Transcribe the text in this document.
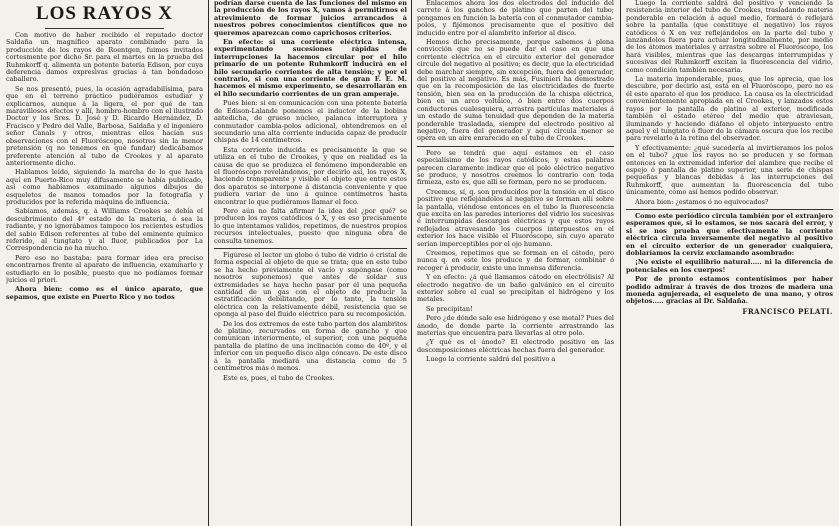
LOS RAYOS X

Con motivo de haber recibido el reputado doctor Saldaña un magnífico aparato combinado para la producción de los rayos de Roentgen, fuimos invitados cortesmente por dicho Sr. para el martes en la prueba del Ruhmkorff q. alimenta un potente batería Edison, por cuya deferencia damos expresivas gracias á tan bondadoso caballero.

Se nos presentó, pues, la ocasión agradabilísima, para que en el terreno práctico pudiéramos estudiar y explicarnos, aunque á la ligera, el por qué de tan maravillosos efectos y allí, hombro-hombro con el ilustrado Doctor y los Sres. D. José y D. Ricardo Hernández, D. Fracisco y Pedro del Valle, Barbosa, Saldaña y el ingeniero señor Canals y otros, mientras ellos hacían sus observaciones con el Fluoróscopo, nosotros sin la menor pretensión (q no tenemos en qué fundar) dedicábamos preferente atención al tubo de Crookes y al aparato anteriormente dicho.

Hablamos leído, siguiendo la marcha de lo que hasta aquí en Puerto-Rico muy difusamente se había publicado, así como habíamos examinado algunos dibujos de esqueletos de manos tomados por la fotografía y producidos por la referida máquina de influencia.

Sabíamos, además, q. á Williams Crookes se debía el descubrimiento del 4º estado de la materia, ó sea la radiante, y no ignorábamos tampoco los recientes estudios del sabio Edison referentes al tubo del eminente químico referido, al tungtato y al fluor, publicados por La Correspondencia no ha mucho.

Pero eso no bastaba: para formar idea era preciso encontrarnos frente al aparato de influencia, examinarlo y estudiarlo en lo posible, puesto que no podíamos formar juicios el priori.

Ahora bien: como es el único aparato, que sepamos, que existe en Puerto Rico y no todos

podrían darse cuenta de las funciones del mismo en la producción de los rayos X, vamos á permitirnos el atrevimiento de formar juicios arrancados á nuestros pobres conocimientos científicos que no queremos aparezcan como caprichosos criterios.

En efecto: si una corriente eléctrica intensa, experimentando sucesiones rápidas de interrupciones la hacemos circular por el hilo primario de un potente Ruhmkorff inducirá en el hilo secundario corrientes de alta tensión; y por el contrario, si con una corriente de gran F. E. M. hacemos el mismo experimento, se desarrollarán en el hilo secundario corrientes de un gran amperaje.

Pues bien: si en comunicación con una potente batería de Edison-Lalande ponemos el inductor de la bobina antedicha, de grueso núcleo, palanca interruptora y conmutador cambia-polos adicional, obtendremos en el secundario una alta corriente inducida capaz de producir chispas de 14 centímetros.

Esta corriente inducida es precisamente la que se utiliza en el tubo de Crookes, y que en realidad es la causa de que se produzca el fenómeno imponderable en el fluoróscopo revelándonos, por decirlo así, los rayos X, haciendo transparente y visible el objeto que entre estos dos aparatos se interpone á distancia conveniente y que pudiera variar de uno á quince centímetros hasta encontrar lo que pudiéramos llamar el foco.

Pero aún no falta afirmar la idea del ¿por qué? se producen los rayos catódicos ó X, y es eso precisamente lo que intentamos validos, repetimos, de nuestros propios recursos intelectuales, puesto que ninguna obra de consulta tenemos.

Figúrese el lector un globo ó tubo de vidrio ó cristal de forma especial al objeto de que se trata; que en este tubo se ha hecho previamente el vacío y supóngase (como nosotros suponemos) que antes de soldar sus extremidades se haya hecho pasar por él una pequeña cantidad de un gas con el objeto de producir la estratificación debilitando, por lo tanto, la tensión eléctrica con la relativamente débil, resistencia que se oponga al paso del fluido eléctrico para su recomposición.

De los dos extremos de este tubo parten dos alambritos de platino, recurvados en forma de gancho y que comunican interiormente, el superior, con una pequeña pantalla de platino de una inclinación como de 40º, y el inferior con un pequeño disco algo cóncavo. De este disco á la pantalla mediará una distancia como de 5 centímetros más ó menos.

Este es, pues, el tubo de Crookes.

Enlacemos ahora los dos electrodos del inducido del carrete á los ganchos de platino que parten del tubo; pongamos en función la batería con el conmutador cambia-polos, y fijémonos precisamente que el positivo del inducido entre por el alambrito inferior al disco.

Hemos dicho precisamente, porque sabemos á plena convicción que no se puede dar el caso en que una corriente eléctrica en el circuito exterior del generador circule del negativo al positivo; es decir, que la electricidad debe marchar siempre, sin excepción, fuera del generador, del positivo al negativo. Es más, Fusinieri ha demostrado que en la recomposición de las electricidades de fuerte tensión, bien sea en la producción de la chispa eléctrica, bien en un arco voltáico, ó bien entre dos cuerpos conductores cualesquiera, arrastra partículas materiales á un estado de suma tenuidad que dependen de la materia ponderable trasladada, siempre del electrodo positivo al negativo, fuera del generador y aquí circula menor se opera en un aire enrarecido en el tubo de Crookes.

Pero se tendrá que aquí estamos en el caso especialísimo de los rayos catódicos, y estas palabras parecen claramente indicar que el polo eléctrico negativo se produce, y nosotros creemos lo contrario con toda firmeza, esto es, que allí se forman, pero no se producen.

Creemos, sí, q. son producidos por la tensión en el disco positivo que reflejándolos al negativo se forman allí sobre la pantalla, viéndose entonces en el tubo la fluorescencia que excita en las paredes interiores del vidrio los sucesivas é interrumpidas descargas eléctricas y que estos rayos reflejados atravesando los cuerpos interpuestos en el exterior los hace visible el Fluoróscopo, sin cuyo aparato serían imperceptibles por el ojo humano.

Creemos, repetimos que se forman en el cátodo, pero nunca q. en este los produce y de formar, combinar ó recoger á producir, existe una inmensa diferencia.

Y en efecto: ¿á qué llamamos cátodo en electrólisis? Al electrodo negativo de un baño galvánico en el circuito exterior sobre el cual se precipitan el hidrógeno y los metales.

Se precipitan!

Pero ¿de dónde sale ese hidrógeno y ese metal? Pues del ánodo, de donde parte la corriente arrastrando las materias que encuentra para llevarlas al otro polo.

¿Y qué es el ánodo? El electrodo positivo en las descomposiciones eléctricas hechas fuera del generador.

Luego la corriente saldrá del positivo a

Luego la corriente saldrá del positivo y venciendo la resistencia interior del tubo de Crookes, trasladando materia ponderable en relación á aquel medio, formará ó reflejará sobre la pantalla (que constituye el negativo) los rayos catódicos ó X en vez reflejándolos en la parte del tubo y lanzándolos fuera para actuar longitudinalmente, por medio de los átomos materiales y arrastra sobre el Fluoróscopo, los hará visibles, mientras que las descargas interrumpidas y sucesivas del Ruhmkorff excitan la fluorescencia del vidrio, como condición también necesaria.

La materia imponderable, pues, que los aprecia, que los descubre, por decirlo así, está en el Fluoróscopo, pero no es él este aparato el que los produce. La causa es la electricidad convenientemente apropiada en el Crookes, y lanzados estos rayos por la pantalla de platino al exterior, modificada también el estado etéreo del medio que atraviesan, iluminando y haciendo diáfano el objeto interpuesto entre aquel y el tungtato ó fluor de la cámara oscura que los recibe para revelarlo á la retina del observador.

Y efectivamente: ¿qué sucedería al invirtieramos los polos en el tubo? ¿que los rayos no se producen y se forman entonces en la extremidad inferior del alambre que recibe el espejo ó pantalla de platino superior, una serie de chispas pequeñas y blancas debidas á las interrupciones del Ruhmkorff, que aumentan la fluorescencia del tubo únicamente, como así hemos podido observar.

Ahora bien: ¿estamos ó no equivocados?

Como este periódico circula también por el extranjero esperamos que, si lo estamos, se nos sacará del error, y si se nos prueba que efectivamente la corriente eléctrica circula inversamente del negativo al positivo en el circuito exterior de un generador cualquiera, doblaríamos la cerviz exclamando asombrado:

¡No existe el equilibrio natural..... ni la diferencia de potenciales en los cuerpos!

Por de pronto estamos contentísimos por haber podido admirar á través de dos trozos de madera una moneda agujereada, el esqueleto de una mano, y otros objetos..... gracias al Dr. Saldaña.

FRANCISCO PELATI.
